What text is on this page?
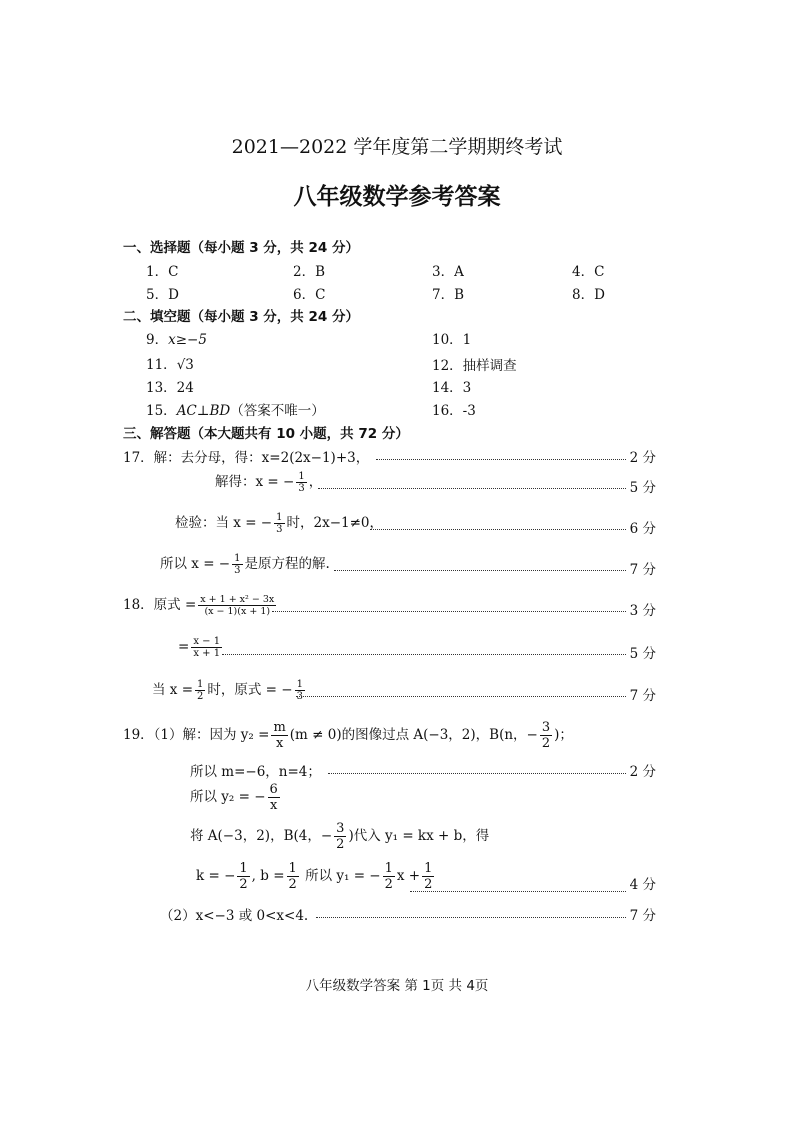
2021—2022 学年度第二学期期终考试
八年级数学参考答案
一、选择题（每小题 3 分，共 24 分）
1．C	2．B	3．A	4．C
5．D	6．C	7．B	8．D
二、填空题（每小题 3 分，共 24 分）
9．x≥−5	10．1
11．√3	12．抽样调查
13．24	14．3
15．AC⊥BD（答案不唯一）	16．-3
三、解答题（本大题共有 10 小题，共 72 分）
17．解：去分母，得：x=2(2x−1)+3，	2 分
解得：x = − $\frac{1}{3}$ ，	5 分
检验：当 x = − $\frac{1}{3}$ 时，2x−1≠0，	6 分
所以 x = − $\frac{1}{3}$ 是原方程的解.	7 分
18．原式 = $\frac{\text{x + 1 + x² − 3x}}{(x - 1)(x + 1)}$	3 分
= $\frac{x - 1}{x + 1}$	5 分
当 $x = \frac{1}{2}$ 时，原式 = − $\frac{1}{3}$	7 分
19．（1）解：因为 $y_2 = \frac{m}{x} (m \ne 0)$的图像过点 A(−3，2)，B(n，− $\frac{3}{2}$ )；
所以 m=−6，n=4；	2 分
所以 y₂ = − $\frac{6}{x}$
将 A(−3，2)，B(4，− $\frac{3}{2}$ )代入 y₁ = kx + b，得
k = − $\frac{1}{2}$ , $b = \frac{1}{2}$ 所以 y₁ = − $\frac{1}{2}$ $x + \frac{1}{2}$	4 分
（2）x<−3 或 0<x<4.	7 分
八年级数学答案 第 1页 共 4页
